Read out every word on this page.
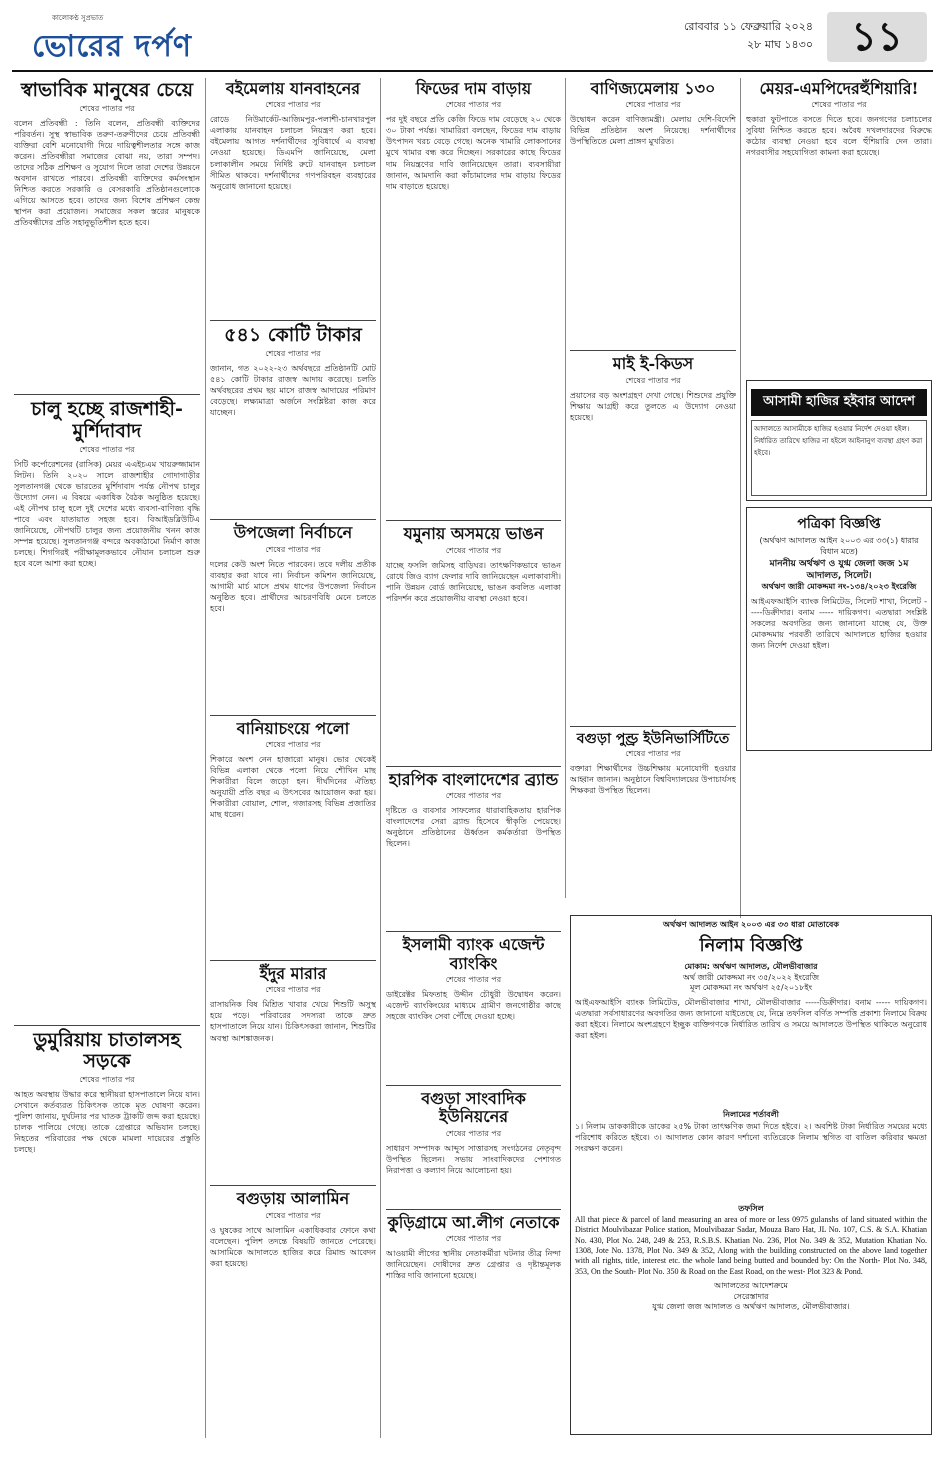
কালোকণ্ঠ সুপ্রভাত
ভোরের দর্পণ
রোববার ১১ ফেব্রুয়ারি ২০২৪
২৮ মাঘ ১৪৩০ ১১
স্বাভাবিক মানুষের চেয়ে
শেষের পাতার পর
বলেন প্রতিবন্ধী : তিনি বলেন, প্রতিবন্ধী ব্যক্তিদের পরিবর্তন। সুস্থ স্বাভাবিক তরুণ-তরুণীদের চেয়ে প্রতিবন্ধী ব্যক্তিরা বেশি মনোযোগী দিয়ে দায়িত্বশীলতার সঙ্গে কাজ করেন। প্রতিবন্ধীরা সমাজের বোঝা নয়, তারা সম্পদ। তাদের সঠিক প্রশিক্ষণ ও সুযোগ দিলে তারা দেশের উন্নয়নে অবদান রাখতে পারবে। প্রতিবন্ধী ব্যক্তিদের কর্মসংস্থান নিশ্চিত করতে সরকারি ও বেসরকারি প্রতিষ্ঠানগুলোকে এগিয়ে আসতে হবে। তাদের জন্য বিশেষ প্রশিক্ষণ কেন্দ্র স্থাপন করা প্রয়োজন। সমাজের সকল স্তরের মানুষকে প্রতিবন্ধীদের প্রতি সহানুভূতিশীল হতে হবে।
চালু হচ্ছে রাজশাহী-মুর্শিদাবাদ
শেষের পাতার পর
সিটি কর্পোরেশনের (রাসিক) মেয়র এএইচএম খায়রুজ্জামান লিটন। তিনি ২০২০ সালে রাজশাহীর গোদাগাড়ীর সুলতানগঞ্জ থেকে ভারতের মুর্শিদাবাদ পর্যন্ত নৌপথ চালুর উদ্যোগ নেন। এ বিষয়ে একাধিক বৈঠক অনুষ্ঠিত হয়েছে। এই নৌপথ চালু হলে দুই দেশের মধ্যে ব্যবসা-বাণিজ্য বৃদ্ধি পাবে এবং যাতায়াত সহজ হবে। বিআইডব্লিউটিএ জানিয়েছে, নৌপথটি চালুর জন্য প্রয়োজনীয় খনন কাজ সম্পন্ন হয়েছে। সুলতানগঞ্জ বন্দরে অবকাঠামো নির্মাণ কাজ চলছে। শিগগিরই পরীক্ষামূলকভাবে নৌযান চলাচল শুরু হবে বলে আশা করা হচ্ছে।
ডুমুরিয়ায় চাতালসহ সড়কে
শেষের পাতার পর
আহত অবস্থায় উদ্ধার করে স্থানীয়রা হাসপাতালে নিয়ে যান। সেখানে কর্তব্যরত চিকিৎসক তাকে মৃত ঘোষণা করেন। পুলিশ জানায়, দুর্ঘটনার পর ঘাতক ট্রাকটি জব্দ করা হয়েছে। চালক পালিয়ে গেছে। তাকে গ্রেপ্তারে অভিযান চলছে। নিহতের পরিবারের পক্ষ থেকে মামলা দায়েরের প্রস্তুতি চলছে।
বইমেলায় যানবাহনের
শেষের পাতার পর
রোডে নিউমার্কেট-আজিমপুর-পলাশী-চানখারপুল এলাকায় যানবাহন চলাচল নিয়ন্ত্রণ করা হবে। বইমেলায় আগত দর্শনার্থীদের সুবিধার্থে এ ব্যবস্থা নেওয়া হয়েছে। ডিএমপি জানিয়েছে, মেলা চলাকালীন সময়ে নির্দিষ্ট রুটে যানবাহন চলাচল সীমিত থাকবে। দর্শনার্থীদের গণপরিবহন ব্যবহারের অনুরোধ জানানো হয়েছে।
৫৪১ কোটি টাকার
শেষের পাতার পর
জানান, গত ২০২২-২৩ অর্থবছরে প্রতিষ্ঠানটি মোট ৫৪১ কোটি টাকার রাজস্ব আদায় করেছে। চলতি অর্থবছরের প্রথম ছয় মাসে রাজস্ব আদায়ের পরিমাণ বেড়েছে। লক্ষ্যমাত্রা অর্জনে সংশ্লিষ্টরা কাজ করে যাচ্ছেন।
উপজেলা নির্বাচনে
শেষের পাতার পর
দলের কেউ অংশ নিতে পারবেন। তবে দলীয় প্রতীক ব্যবহার করা যাবে না। নির্বাচন কমিশন জানিয়েছে, আগামী মার্চ মাসে প্রথম ধাপের উপজেলা নির্বাচন অনুষ্ঠিত হবে। প্রার্থীদের আচরণবিধি মেনে চলতে হবে।
বানিয়াচংয়ে পলো
শেষের পাতার পর
শিকারে অংশ নেন হাজারো মানুষ। ভোর থেকেই বিভিন্ন এলাকা থেকে পলো নিয়ে শৌখিন মাছ শিকারীরা বিলে জড়ো হন। দীর্ঘদিনের ঐতিহ্য অনুযায়ী প্রতি বছর এ উৎসবের আয়োজন করা হয়। শিকারীরা বোয়াল, শোল, গজারসহ বিভিন্ন প্রজাতির মাছ ধরেন।
ইঁদুর মারার
শেষের পাতার পর
রাসায়নিক বিষ মিশ্রিত খাবার খেয়ে শিশুটি অসুস্থ হয়ে পড়ে। পরিবারের সদস্যরা তাকে দ্রুত হাসপাতালে নিয়ে যান। চিকিৎসকরা জানান, শিশুটির অবস্থা আশঙ্কাজনক।
বগুড়ায় আলামিন
শেষের পাতার পর
ও ঘুষকের সাথে আলামিন একাধিকবার ফোনে কথা বলেছেন। পুলিশ তদন্তে বিষয়টি জানতে পেরেছে। আসামিকে আদালতে হাজির করে রিমান্ড আবেদন করা হয়েছে।
ফিডের দাম বাড়ায়
শেষের পাতার পর
পর দুই বছরে প্রতি কেজি ফিডে দাম বেড়েছে ২০ থেকে ৩০ টাকা পর্যন্ত। খামারিরা বলছেন, ফিডের দাম বাড়ায় উৎপাদন খরচ বেড়ে গেছে। অনেক খামারি লোকসানের মুখে খামার বন্ধ করে দিচ্ছেন। সরকারের কাছে ফিডের দাম নিয়ন্ত্রণের দাবি জানিয়েছেন তারা। ব্যবসায়ীরা জানান, আমদানি করা কাঁচামালের দাম বাড়ায় ফিডের দাম বাড়াতে হয়েছে।
যমুনায় অসময়ে ভাঙন
শেষের পাতার পর
যাচ্ছে ফসলি জমিসহ বাড়িঘর। তাৎক্ষণিকভাবে ভাঙন রোধে জিও ব্যাগ ফেলার দাবি জানিয়েছেন এলাকাবাসী। পানি উন্নয়ন বোর্ড জানিয়েছে, ভাঙন কবলিত এলাকা পরিদর্শন করে প্রয়োজনীয় ব্যবস্থা নেওয়া হবে।
হারপিক বাংলাদেশের ব্র্যান্ড
শেষের পাতার পর
দৃষ্টিতে ও ব্যবসার সাফল্যের ধারাবাহিকতায় হারপিক বাংলাদেশের সেরা ব্র্যান্ড হিসেবে স্বীকৃতি পেয়েছে। অনুষ্ঠানে প্রতিষ্ঠানের ঊর্ধ্বতন কর্মকর্তারা উপস্থিত ছিলেন।
ইসলামী ব্যাংক এজেন্ট ব্যাংকিং
শেষের পাতার পর
ডাইরেক্টর মিফতাহ উদ্দীন চৌধুরী উদ্বোধন করেন। এজেন্ট ব্যাংকিংয়ের মাধ্যমে গ্রামীণ জনগোষ্ঠীর কাছে সহজে ব্যাংকিং সেবা পৌঁছে দেওয়া হচ্ছে।
বগুড়া সাংবাদিক ইউনিয়নের
শেষের পাতার পর
সাধারণ সম্পাদক আব্দুস সাত্তারসহ সংগঠনের নেতৃবৃন্দ উপস্থিত ছিলেন। সভায় সাংবাদিকদের পেশাগত নিরাপত্তা ও কল্যাণ নিয়ে আলোচনা হয়।
কুড়িগ্রামে আ.লীগ নেতাকে
শেষের পাতার পর
আওয়ামী লীগের স্থানীয় নেতাকর্মীরা ঘটনার তীব্র নিন্দা জানিয়েছেন। দোষীদের দ্রুত গ্রেপ্তার ও দৃষ্টান্তমূলক শাস্তির দাবি জানানো হয়েছে।
বাণিজ্যমেলায় ১৩০
শেষের পাতার পর
উদ্বোধন করেন বাণিজ্যমন্ত্রী। মেলায় দেশি-বিদেশি বিভিন্ন প্রতিষ্ঠান অংশ নিয়েছে। দর্শনার্থীদের উপস্থিতিতে মেলা প্রাঙ্গণ মুখরিত।
মাই ই-কিডস
শেষের পাতার পর
প্রয়াসের বড় অংশগ্রহণ দেখা গেছে। শিশুদের প্রযুক্তি শিক্ষায় আগ্রহী করে তুলতে এ উদ্যোগ নেওয়া হয়েছে।
বগুড়া পুণ্ড্র ইউনিভার্সিটিতে
শেষের পাতার পর
বক্তারা শিক্ষার্থীদের উচ্চশিক্ষায় মনোযোগী হওয়ার আহ্বান জানান। অনুষ্ঠানে বিশ্ববিদ্যালয়ের উপাচার্যসহ শিক্ষকরা উপস্থিত ছিলেন।
মেয়র-এমপিদেরহুঁশিয়ারি!
শেষের পাতার পর
হুকারা ফুটপাতে বসতে দিতে হবে। জনগণের চলাচলের সুবিধা নিশ্চিত করতে হবে। অবৈধ দখলদারদের বিরুদ্ধে কঠোর ব্যবস্থা নেওয়া হবে বলে হুঁশিয়ারি দেন তারা। নগরবাসীর সহযোগিতা কামনা করা হয়েছে।
আসামী হাজির হইবার আদেশ
আদালতে আসামীকে হাজির হওয়ার নির্দেশ দেওয়া হইল। নির্ধারিত তারিখে হাজির না হইলে আইনানুগ ব্যবস্থা গ্রহণ করা হইবে।
পত্রিকা বিজ্ঞপ্তি
(অর্থঋণ আদালত আইন ২০০৩ এর ৩৩(১) ধারার বিধান মতে)
মাননীয় অর্থঋণ ও যুগ্ম জেলা জজ ১ম আদালত, সিলেট।
অর্থঋণ জারী মোকদ্দমা নং-১৩৪/২০২৩ ইংরেজি
আইএফআইসি ব্যাংক লিমিটেড, সিলেট শাখা, সিলেট -----ডিক্রীদার। বনাম ----- দায়িকগণ। এতদ্বারা সংশ্লিষ্ট সকলের অবগতির জন্য জানানো যাচ্ছে যে, উক্ত মোকদ্দমায় পরবর্তী তারিখে আদালতে হাজির হওয়ার জন্য নির্দেশ দেওয়া হইল।
অর্থঋণ আদালত আইন ২০০৩ এর ৩৩ ধারা মোতাবেক
নিলাম বিজ্ঞপ্তি
মোকাম: অর্থঋণ আদালত, মৌলভীবাজার
অর্থ জারী মোকদ্দমা নং ৩৫/২০২২ ইংরেজি
মূল মোকদ্দমা নং অর্থঋণ ২৫/২০১৮ইং
আইএফআইসি ব্যাংক লিমিটেড, মৌলভীবাজার শাখা, মৌলভীবাজার -----ডিক্রীদার। বনাম ----- দায়িকগণ। এতদ্বারা সর্বসাধারণের অবগতির জন্য জানানো যাইতেছে যে, নিম্নে তফসিল বর্ণিত সম্পত্তি প্রকাশ্য নিলামে বিক্রয় করা হইবে। নিলামে অংশগ্রহণে ইচ্ছুক ব্যক্তিগণকে নির্ধারিত তারিখ ও সময়ে আদালতে উপস্থিত থাকিতে অনুরোধ করা হইল।
নিলামের শর্তাবলী
১। নিলাম ডাককারীকে ডাকের ২৫% টাকা তাৎক্ষণিক জমা দিতে হইবে। ২। অবশিষ্ট টাকা নির্ধারিত সময়ের মধ্যে পরিশোধ করিতে হইবে। ৩। আদালত কোন কারণ দর্শানো ব্যতিরেকে নিলাম স্থগিত বা বাতিল করিবার ক্ষমতা সংরক্ষণ করেন।
তফসিল
All that piece & parcel of land measuring an area of more or less 0975 gulanshs of land situated within the District Moulvibazar Police station, Moulvibazar Sadar, Mouza Baro Hat, JL No. 107, C.S. & S.A. Khatian No. 430, Plot No. 248, 249 & 253, R.S.B.S. Khatian No. 236, Plot No. 349 & 352, Mutation Khatian No. 1308, Jote No. 1378, Plot No. 349 & 352, Along with the building constructed on the above land together with all rights, title, interest etc. the whole land being butted and bounded by: On the North- Plot No. 348, 353, On the South- Plot No. 350 & Road on the East Road, on the west- Plot 323 & Pond.
আদালতের আদেশক্রমে
সেরেস্তাদার
যুগ্ম জেলা জজ আদালত ও অর্থঋণ আদালত, মৌলভীবাজার।
